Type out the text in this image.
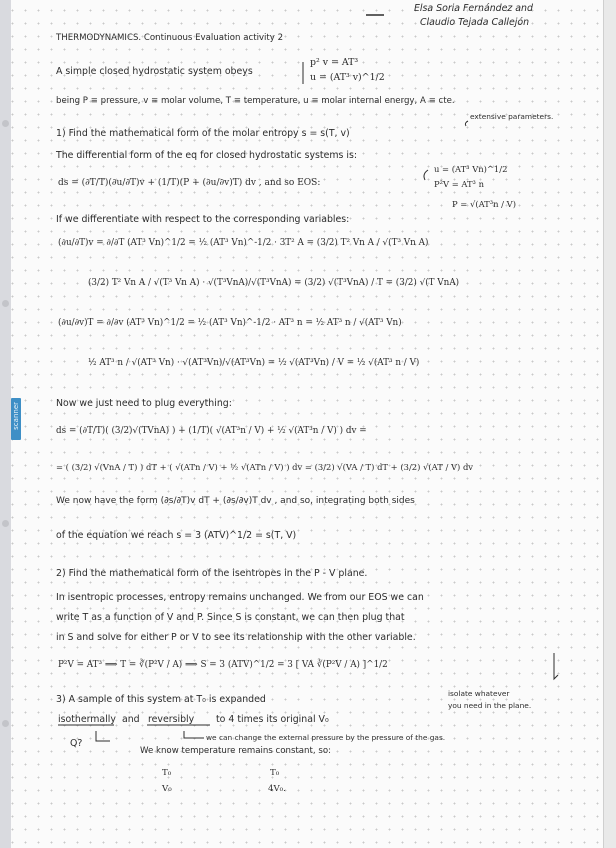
scanner
Elsa Soria Fernández and
Claudio Tejada Callejón
THERMODYNAMICS. Continuous Evaluation activity 2
A simple closed hydrostatic system obeys
p² v = AT³
u = (AT³ v)^1/2
being P ≡ pressure, v ≡ molar volume, T ≡ temperature, u ≡ molar internal energy, A ≡ cte.
extensive parameters.
1) Find the mathematical form of the molar entropy s = s(T, v)
The differential form of the eq for closed hydrostatic systems is:
ds = (∂T/T)(∂u/∂T)v + (1/T)(P + (∂u/∂v)T) dv , and so EOS:
u = (AT³ Vn)^1/2
P²V = AT³ n
P = √(AT³n / V)
If we differentiate with respect to the corresponding variables:
(∂u/∂T)v = ∂/∂T (AT³ Vn)^1/2 = ½ (AT³ Vn)^-1/2 · 3T² A = (3/2) T² Vn A / √(T³ Vn A)
(3/2) T² Vn A / √(T³ Vn A) · √(T³VnA)/√(T³VnA) = (3/2) √(T³VnA) / T = (3/2) √(T VnA)
(∂u/∂v)T = ∂/∂v (AT³ Vn)^1/2 = ½ (AT³ Vn)^-1/2 · AT³ n = ½ AT³ n / √(AT³ Vn)
½ AT³ n / √(AT³ Vn) · √(AT³Vn)/√(AT³Vn) = ½ √(AT³Vn) / V = ½ √(AT³ n / V)
Now we just need to plug everything:
ds = (∂T/T)( (3/2)√(TVnA) ) + (1/T)( √(AT³n / V) + ½ √(AT³n / V) ) dv =
= ( (3/2) √(VnA / T) ) dT + ( √(ATn / V) + ½ √(ATn / V) ) dv = (3/2) √(VA / T) dT + (3/2) √(AT / V) dv
We now have the form (∂s/∂T)v dT + (∂s/∂v)T dv , and so, integrating both sides
of the equation we reach s = 3 (ATV)^1/2 = s(T, V)
2) Find the mathematical form of the isentropes in the P - V plane.
In isentropic processes, entropy remains unchanged. We from our EOS we can
write T as a function of V and P. Since S is constant, we can then plug that
in S and solve for either P or V to see its relationship with the other variable.
P²V = AT³ ⟹ T = ∛(P²V / A) ⟹ S = 3 (ATV)^1/2 = 3 [ VA ∛(P²V / A) ]^1/2
isolate whatever
you need in the plane.
3) A sample of this system at T₀ is expanded
isothermally and reversibly to 4 times its original V₀
Q?
we can change the external pressure by the pressure of the gas.
We know temperature remains constant, so:
T₀	T₀
V₀	4V₀.
